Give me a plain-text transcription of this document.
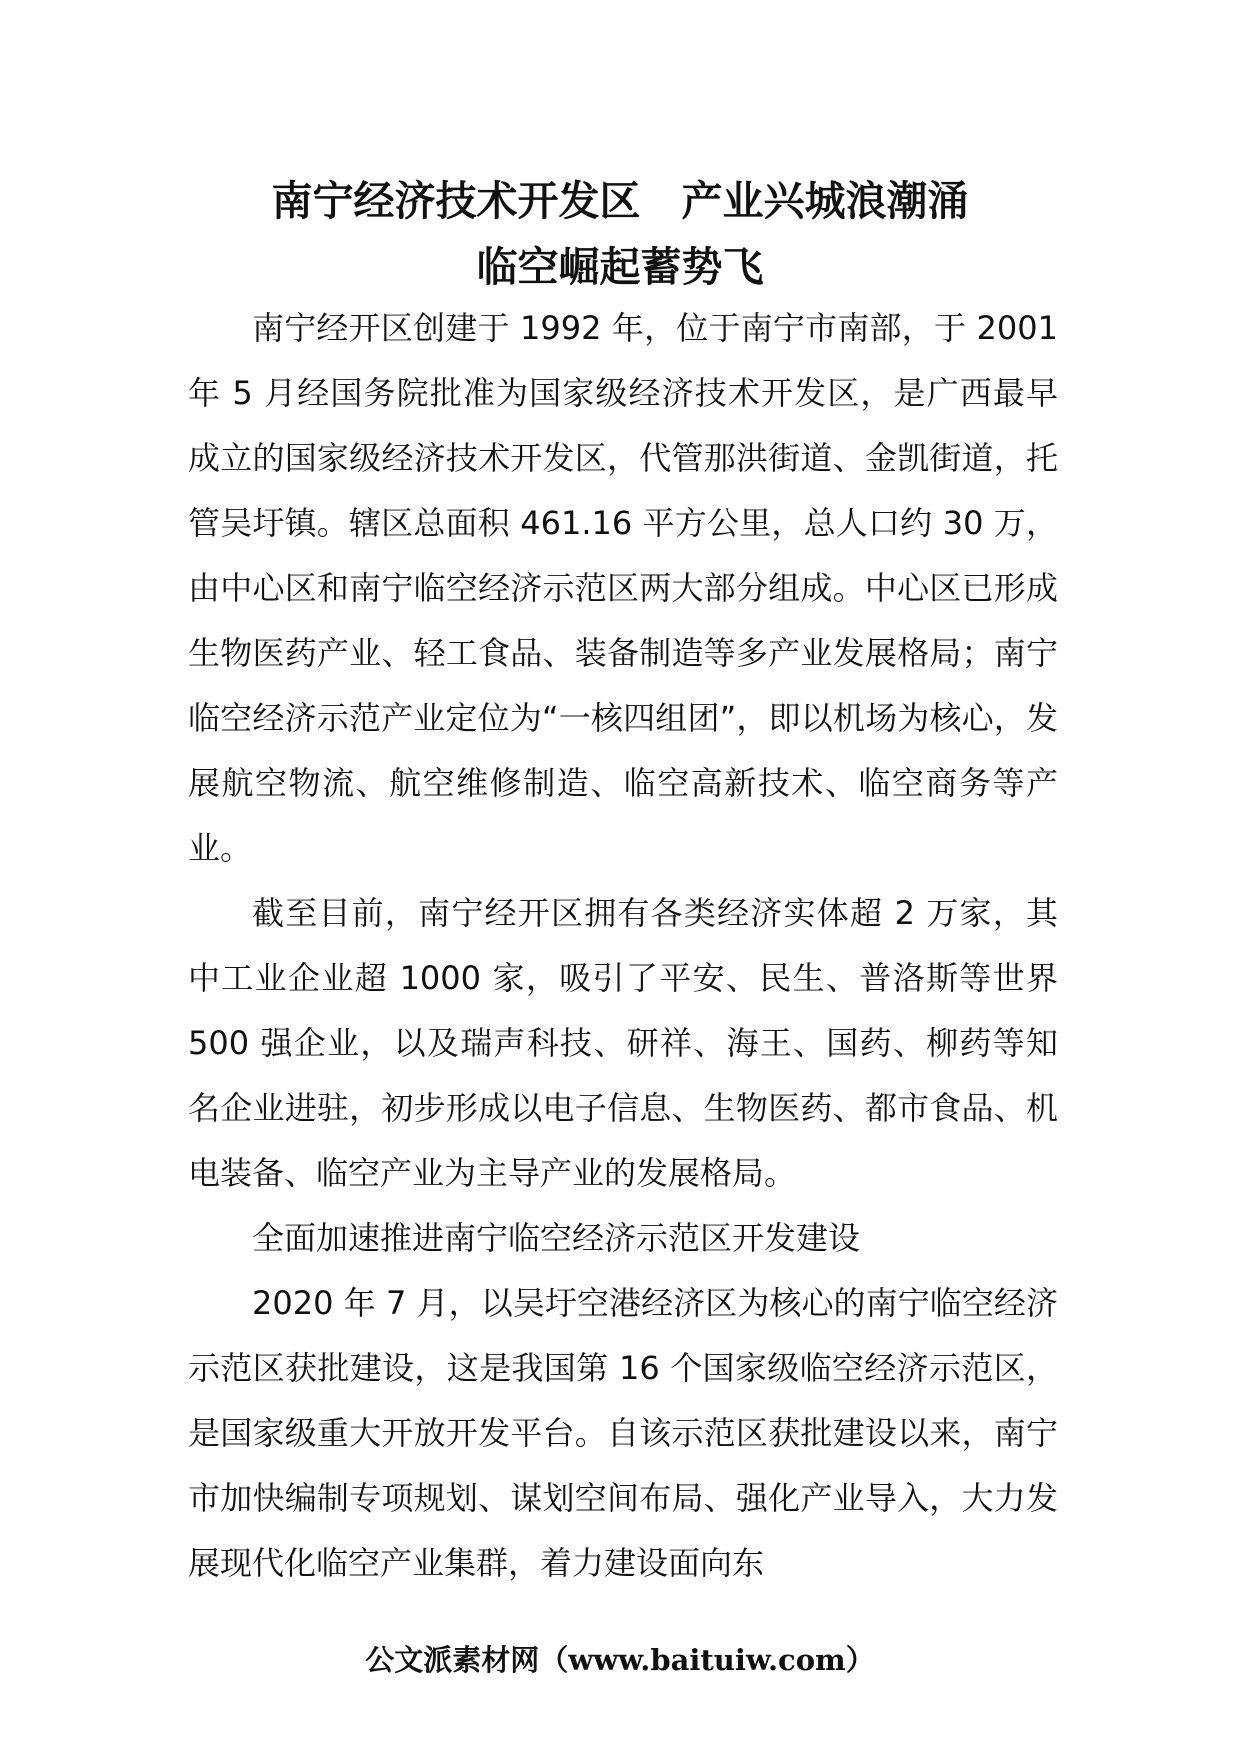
南宁经济技术开发区　产业兴城浪潮涌
临空崛起蓄势飞

南宁经开区创建于 1992 年，位于南宁市南部，于 2001 年 5 月经国务院批准为国家级经济技术开发区，是广西最早成立的国家级经济技术开发区，代管那洪街道、金凯街道，托管吴圩镇。辖区总面积 461.16 平方公里，总人口约 30 万，由中心区和南宁临空经济示范区两大部分组成。中心区已形成生物医药产业、轻工食品、装备制造等多产业发展格局；南宁临空经济示范产业定位为“一核四组团”，即以机场为核心，发展航空物流、航空维修制造、临空高新技术、临空商务等产业。

截至目前，南宁经开区拥有各类经济实体超 2 万家，其中工业企业超 1000 家，吸引了平安、民生、普洛斯等世界 500 强企业，以及瑞声科技、研祥、海王、国药、柳药等知名企业进驻，初步形成以电子信息、生物医药、都市食品、机电装备、临空产业为主导产业的发展格局。

全面加速推进南宁临空经济示范区开发建设

2020 年 7 月，以吴圩空港经济区为核心的南宁临空经济示范区获批建设，这是我国第 16 个国家级临空经济示范区，是国家级重大开放开发平台。自该示范区获批建设以来，南宁市加快编制专项规划、谋划空间布局、强化产业导入，大力发展现代化临空产业集群，着力建设面向东

公文派素材网（www.baituiw.com）
